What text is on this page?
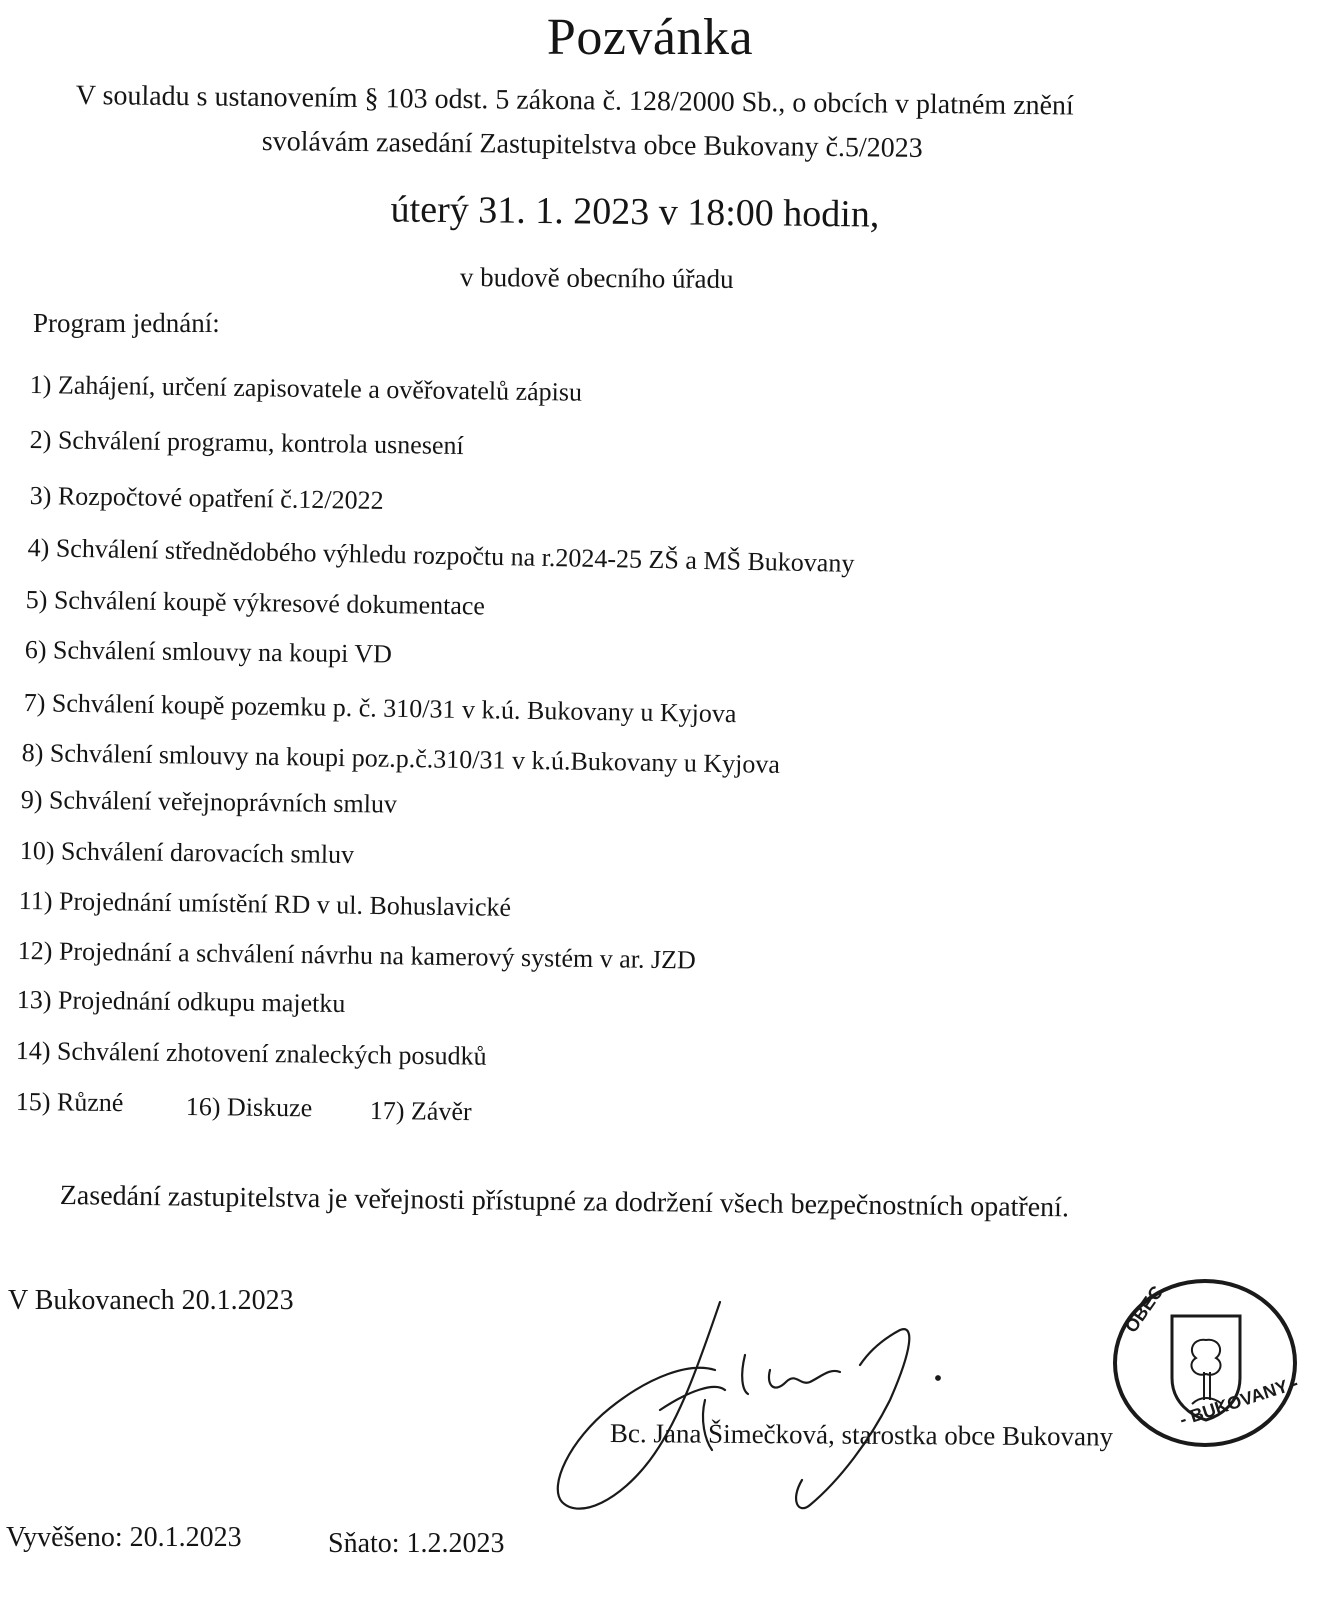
Pozvánka
V souladu s ustanovením § 103 odst. 5 zákona č. 128/2000 Sb., o obcích v platném znění
svolávám zasedání Zastupitelstva obce Bukovany č.5/2023
úterý 31. 1. 2023 v 18:00 hodin,
v budově obecního úřadu
Program jednání:
1) Zahájení, určení zapisovatele a ověřovatelů zápisu
2) Schválení programu, kontrola usnesení
3) Rozpočtové opatření č.12/2022
4) Schválení střednědobého výhledu rozpočtu na r.2024-25 ZŠ a MŠ Bukovany
5) Schválení koupě výkresové dokumentace
6) Schválení smlouvy na koupi VD
7) Schválení koupě pozemku p. č. 310/31 v k.ú. Bukovany u Kyjova
8) Schválení smlouvy na koupi poz.p.č.310/31 v k.ú.Bukovany u Kyjova
9) Schválení veřejnoprávních smluv
10) Schválení darovacích smluv
11) Projednání umístění RD v ul. Bohuslavické
12) Projednání a schválení návrhu na kamerový systém v ar. JZD
13) Projednání odkupu majetku
14) Schválení zhotovení znaleckých posudků
15) Různé 16) Diskuze 17) Závěr
Zasedání zastupitelstva je veřejnosti přístupné za dodržení všech bezpečnostních opatření.
V Bukovanech 20.1.2023
Bc. Jana Šimečková, starostka obce Bukovany
OBEC
- BUKOVANY -
Vyvěšeno: 20.1.2023	Sňato: 1.2.2023
